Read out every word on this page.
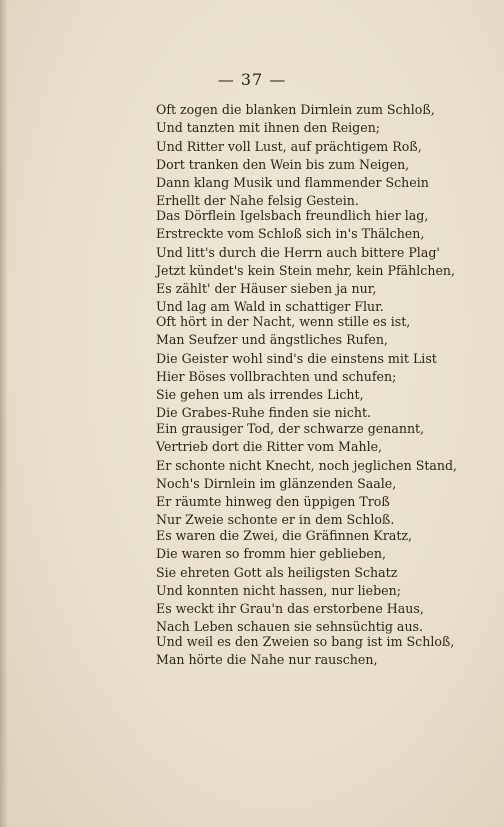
— 37 —
Oft zogen die blanken Dirnlein zum Schloß,
Und tanzten mit ihnen den Reigen;
Und Ritter voll Lust, auf prächtigem Roß,
Dort tranken den Wein bis zum Neigen,
Dann klang Musik und flammender Schein
Erhellt der Nahe felsig Gestein.
Das Dörflein Igelsbach freundlich hier lag,
Erstreckte vom Schloß sich in's Thälchen,
Und litt's durch die Herrn auch bittere Plag'
Jetzt kündet's kein Stein mehr, kein Pfählchen,
Es zählt' der Häuser sieben ja nur,
Und lag am Wald in schattiger Flur.
Oft hört in der Nacht, wenn stille es ist,
Man Seufzer und ängstliches Rufen,
Die Geister wohl sind's die einstens mit List
Hier Böses vollbrachten und schufen;
Sie gehen um als irrendes Licht,
Die Grabes-Ruhe finden sie nicht.
Ein grausiger Tod, der schwarze genannt,
Vertrieb dort die Ritter vom Mahle,
Er schonte nicht Knecht, noch jeglichen Stand,
Noch's Dirnlein im glänzenden Saale,
Er räumte hinweg den üppigen Troß
Nur Zweie schonte er in dem Schloß.
Es waren die Zwei, die Gräfinnen Kratz,
Die waren so fromm hier geblieben,
Sie ehreten Gott als heiligsten Schatz
Und konnten nicht hassen, nur lieben;
Es weckt ihr Grau'n das erstorbene Haus,
Nach Leben schauen sie sehnsüchtig aus.
Und weil es den Zweien so bang ist im Schloß,
Man hörte die Nahe nur rauschen,
